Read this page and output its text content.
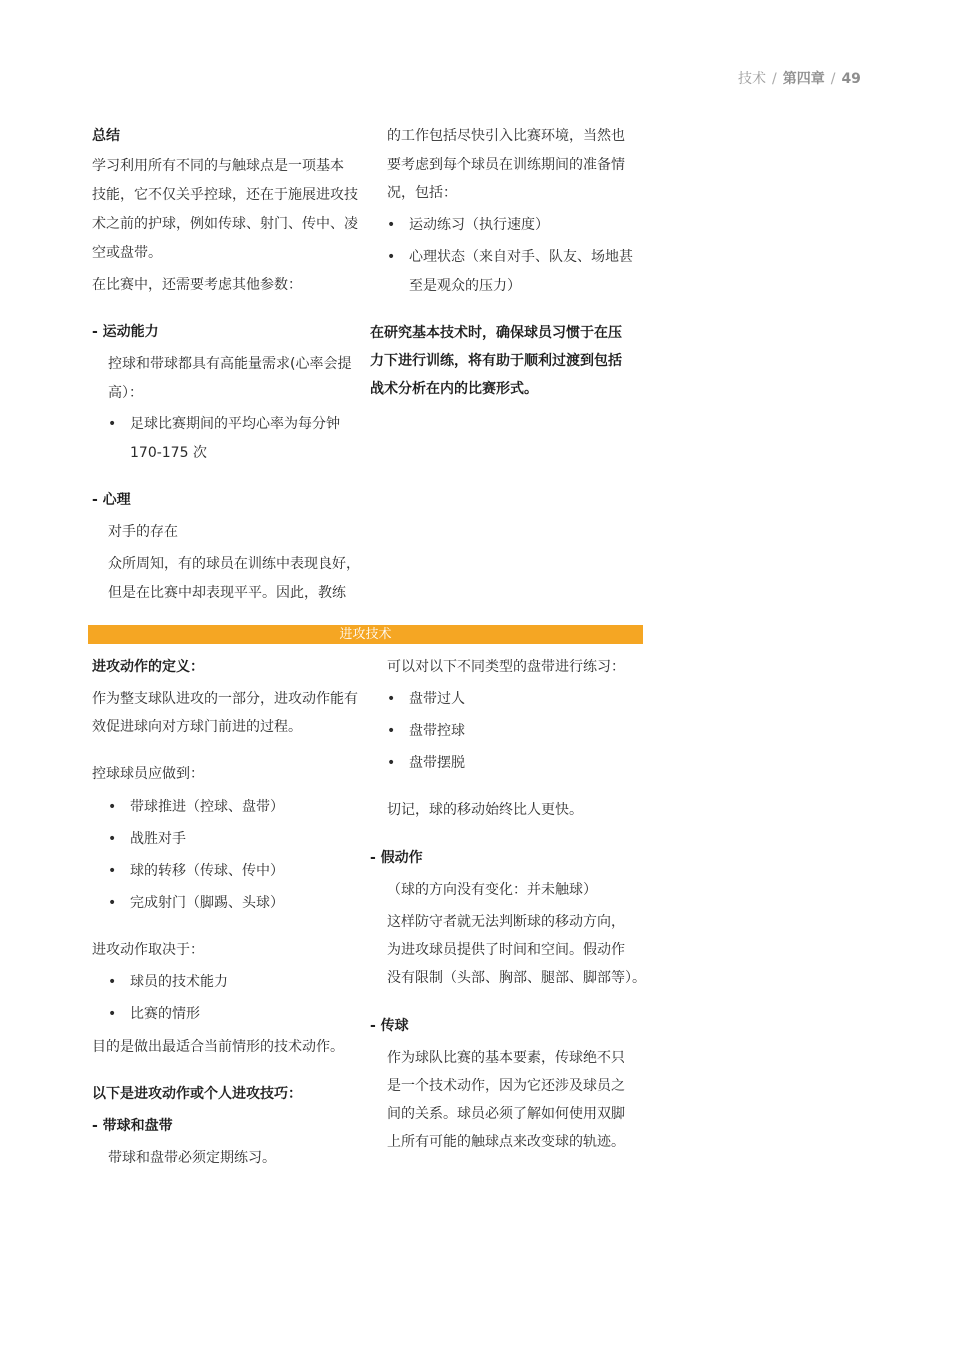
技术 / 第四章 / 49
总结
学习利用所有不同的与触球点是一项基本
技能，它不仅关乎控球，还在于施展进攻技
术之前的护球，例如传球、射门、传中、凌
空或盘带。
在比赛中，还需要考虑其他参数：
- 运动能力
控球和带球都具有高能量需求(心率会提
高）：
• 足球比赛期间的平均心率为每分钟
170-175 次
- 心理
对手的存在
众所周知，有的球员在训练中表现良好，
但是在比赛中却表现平平。因此，教练
的工作包括尽快引入比赛环境，当然也
要考虑到每个球员在训练期间的准备情
况，包括：
• 运动练习（执行速度）
• 心理状态（来自对手、队友、场地甚
至是观众的压力）
在研究基本技术时，确保球员习惯于在压
力下进行训练，将有助于顺利过渡到包括
战术分析在内的比赛形式。
进攻技术
进攻动作的定义：
作为整支球队进攻的一部分，进攻动作能有
效促进球向对方球门前进的过程。
控球球员应做到：
• 带球推进（控球、盘带）
• 战胜对手
• 球的转移（传球、传中）
• 完成射门（脚踢、头球）
进攻动作取决于：
• 球员的技术能力
• 比赛的情形
目的是做出最适合当前情形的技术动作。
以下是进攻动作或个人进攻技巧：
- 带球和盘带
带球和盘带必须定期练习。
可以对以下不同类型的盘带进行练习：
• 盘带过人
• 盘带控球
• 盘带摆脱
切记，球的移动始终比人更快。
- 假动作
（球的方向没有变化：并未触球）
这样防守者就无法判断球的移动方向，
为进攻球员提供了时间和空间。假动作
没有限制（头部、胸部、腿部、脚部等）。
- 传球
作为球队比赛的基本要素，传球绝不只
是一个技术动作，因为它还涉及球员之
间的关系。球员必须了解如何使用双脚
上所有可能的触球点来改变球的轨迹。
